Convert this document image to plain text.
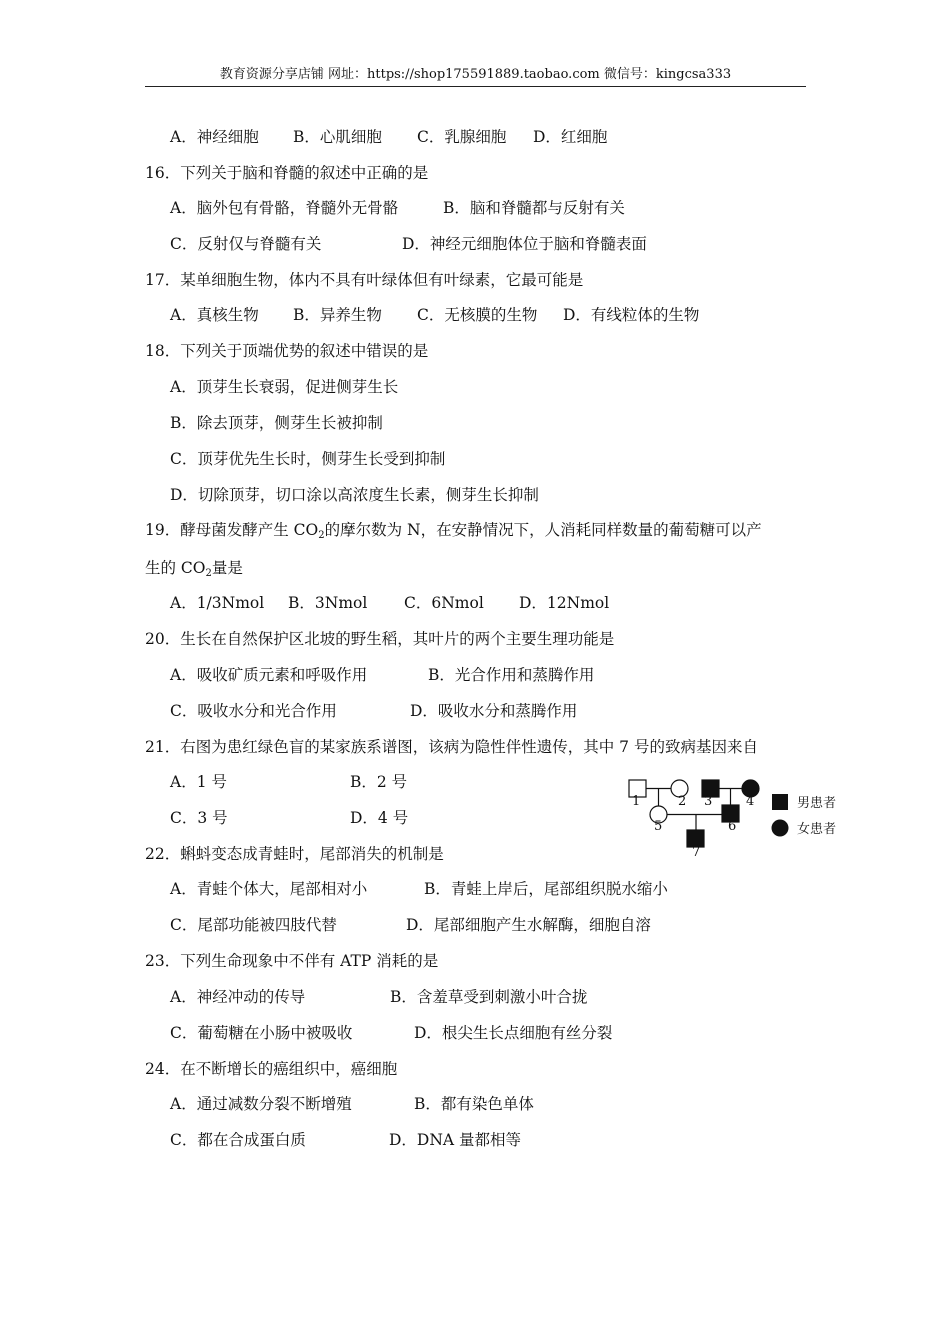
教育资源分享店铺 网址：https://shop175591889.taobao.com 微信号：kingcsa333
A．神经细胞 B．心肌细胞 C．乳腺细胞 D．红细胞
16．下列关于脑和脊髓的叙述中正确的是
A．脑外包有骨骼，脊髓外无骨骼	B．脑和脊髓都与反射有关
C．反射仅与脊髓有关	D．神经元细胞体位于脑和脊髓表面
17．某单细胞生物，体内不具有叶绿体但有叶绿素，它最可能是
A．真核生物 B．异养生物 C．无核膜的生物 D．有线粒体的生物
18．下列关于顶端优势的叙述中错误的是
A．顶芽生长衰弱，促进侧芽生长
B．除去顶芽，侧芽生长被抑制
C．顶芽优先生长时，侧芽生长受到抑制
D．切除顶芽，切口涂以高浓度生长素，侧芽生长抑制
19．酵母菌发酵产生 $CO_2$的摩尔数为 N，在安静情况下，人消耗同样数量的葡萄糖可以产
生的 $CO_2$量是
A．1/3Nmol B．3Nmol C．6Nmol D．12Nmol
20．生长在自然保护区北坡的野生稻，其叶片的两个主要生理功能是
A．吸收矿质元素和呼吸作用	B．光合作用和蒸腾作用
C．吸收水分和光合作用	D．吸收水分和蒸腾作用
21．右图为患红绿色盲的某家族系谱图，该病为隐性伴性遗传，其中 7 号的致病基因来自
A．1 号	B．2 号
C．3 号	D．4 号
1	2 3	4
5	6
7
男患者
女患者
22．蝌蚪变态成青蛙时，尾部消失的机制是
A．青蛙个体大，尾部相对小	B．青蛙上岸后，尾部组织脱水缩小
C．尾部功能被四肢代替	D．尾部细胞产生水解酶，细胞自溶
23．下列生命现象中不伴有 ATP 消耗的是
A．神经冲动的传导	B．含羞草受到刺激小叶合拢
C．葡萄糖在小肠中被吸收	D．根尖生长点细胞有丝分裂
24．在不断增长的癌组织中，癌细胞
A．通过减数分裂不断增殖	B．都有染色单体
C．都在合成蛋白质	D．DNA 量都相等
